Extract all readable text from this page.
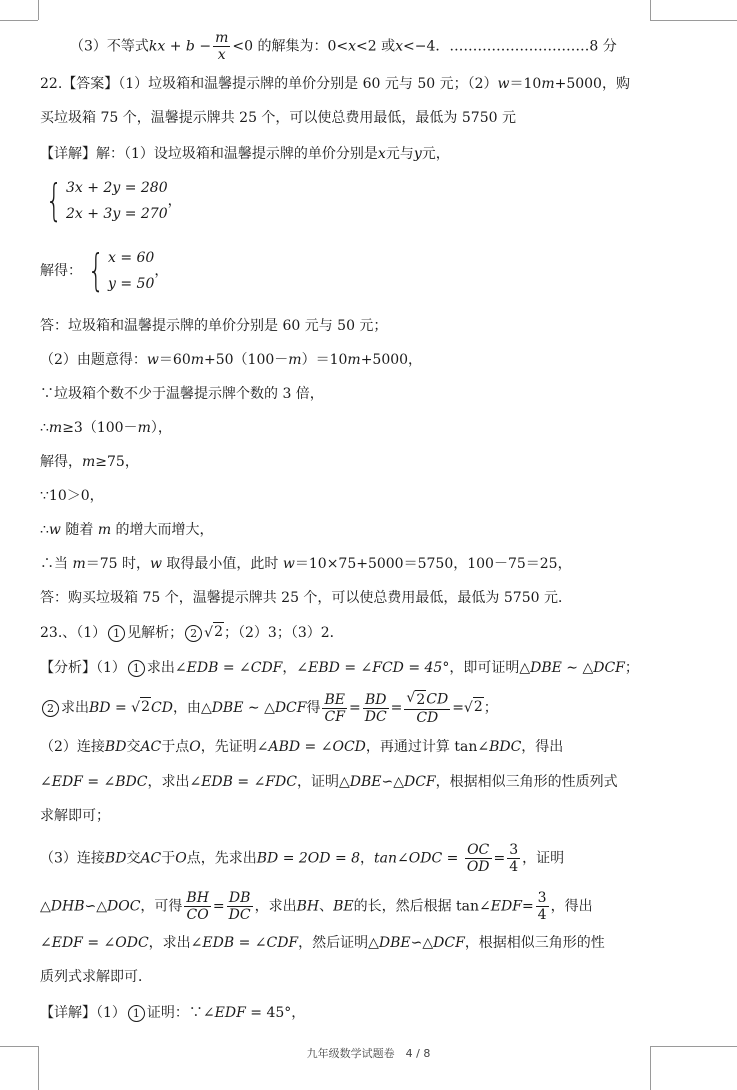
（3）不等式kx + $b - \frac{m}{x} <0$ 的解集为：0<x<2 或x<−4．…………………………8 分
22.【答案】（1）垃圾箱和温馨提示牌的单价分别是 60 元与 50 元；（2）w＝10m+5000，购
买垃圾箱 75 个，温馨提示牌共 25 个，可以使总费用最低，最低为 5750 元
【详解】解：（1）设垃圾箱和温馨提示牌的单价分别是x元与y元，
{ 3x + 2y = 280
2x + 3y = 270
，
解得： { x = 60
y = 50
，
答：垃圾箱和温馨提示牌的单价分别是 60 元与 50 元；
（2）由题意得：w＝60m+50（100－m）＝10m+5000，
∵垃圾箱个数不少于温馨提示牌个数的 3 倍，
∴m≥3（100－m），
解得，m≥75，
∵10＞0，
∴w 随着 m 的增大而增大，
∴当 m＝75 时，w 取得最小值，此时 w＝10×75+5000＝5750，100－75＝25，
答：购买垃圾箱 75 个，温馨提示牌共 25 个，可以使总费用最低，最低为 5750 元．
23.、（1） 1 见解析； 2 √ 2 ；（2）3；（3）2．
【分析】（1） 1 求出∠EDB = ∠CDF，∠EBD = ∠FCD = 45°，即可证明△DBE ∼ △DCF；
2 求出BD = √ 2 CD，由△DBE ∼ △DCF得 $\frac{BE}{CF} = \frac{BD}{DC} = \frac{√ 2 CD}{CD}$ = √ 2 ；
（2）连接BD交AC于点O，先证明∠ABD = ∠OCD，再通过计算 tan∠BDC，得出
∠EDF = ∠BDC，求出∠EDB = ∠FDC，证明△DBE∽△DCF，根据相似三角形的性质列式
求解即可；
（3）连接BD交AC于O点，先求出BD = 2OD = 8，tan∠ODC = $\frac{OC}{OD} = \frac{3}{4}$ ，证明
△DHB∽△DOC，可得 $\frac{BH}{CO} = \frac{DB}{DC}$ ，求出BH、BE的长，然后根据 tan∠EDF= $\frac{3}{4}$ ，得出
∠EDF = ∠ODC，求出∠EDB = ∠CDF，然后证明△DBE∽△DCF，根据相似三角形的性
质列式求解即可．
【详解】（1） 1 证明：∵∠EDF = 45°，
九年级数学试题卷　4 / 8
